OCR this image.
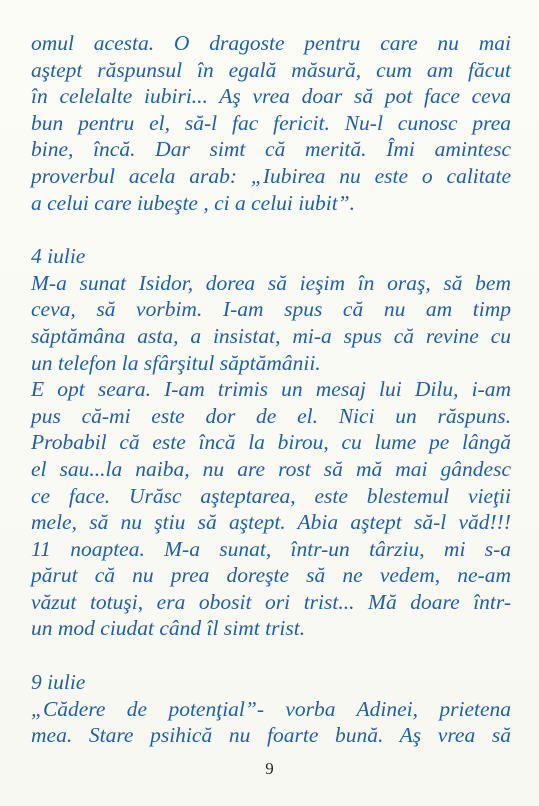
omul acesta. O dragoste pentru care nu mai
aştept răspunsul în egală măsură, cum am făcut
în celelalte iubiri... Aş vrea doar să pot face ceva
bun pentru el, să-l fac fericit. Nu-l cunosc prea
bine, încă. Dar simt că merită. Îmi amintesc
proverbul acela arab: „Iubirea nu este o calitate
a celui care iubeşte , ci a celui iubit”.
4 iulie
M-a sunat Isidor, dorea să ieşim în oraş, să bem
ceva, să vorbim. I-am spus că nu am timp
săptămâna asta, a insistat, mi-a spus că revine cu
un telefon la sfârşitul săptămânii.
E opt seara. I-am trimis un mesaj lui Dilu, i-am
pus că-mi este dor de el. Nici un răspuns.
Probabil că este încă la birou, cu lume pe lângă
el sau...la naiba, nu are rost să mă mai gândesc
ce face. Urăsc aşteptarea, este blestemul vieţii
mele, să nu ştiu să aştept. Abia aştept să-l văd!!!
11 noaptea. M-a sunat, într-un târziu, mi s-a
părut că nu prea doreşte să ne vedem, ne-am
văzut totuşi, era obosit ori trist... Mă doare într-
un mod ciudat când îl simt trist.
9 iulie
„Cădere de potenţial”- vorba Adinei, prietena
mea. Stare psihică nu foarte bună. Aş vrea să
9
